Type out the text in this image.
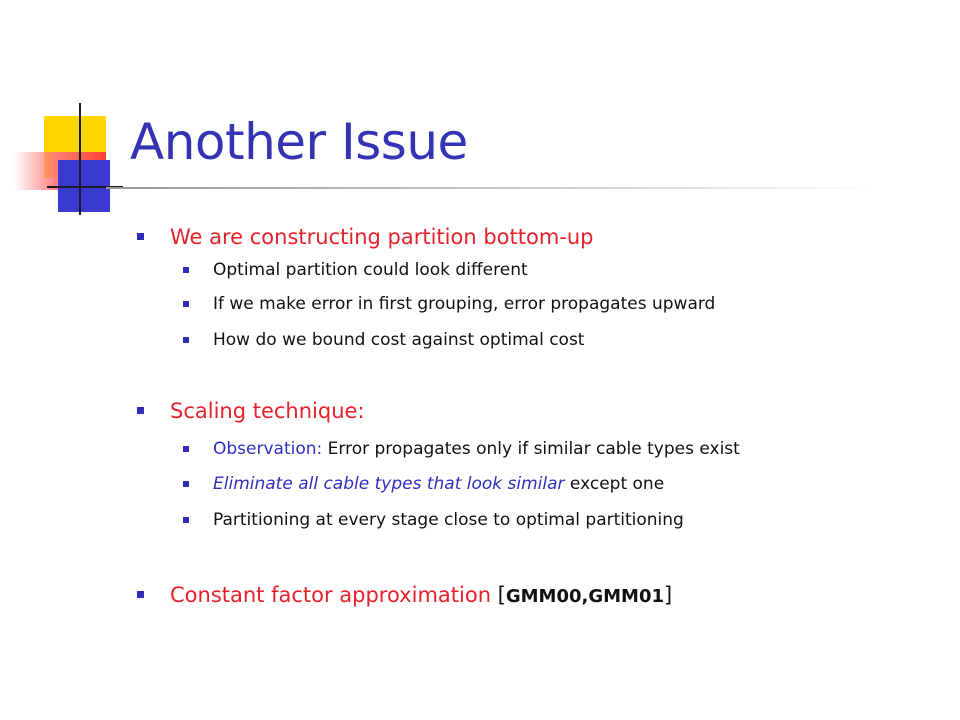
Another Issue
We are constructing partition bottom-up
Optimal partition could look different
If we make error in first grouping, error propagates upward
How do we bound cost against optimal cost
Scaling technique:
Observation: Error propagates only if similar cable types exist
Eliminate all cable types that look similar except one
Partitioning at every stage close to optimal partitioning
Constant factor approximation [GMM00,GMM01]
